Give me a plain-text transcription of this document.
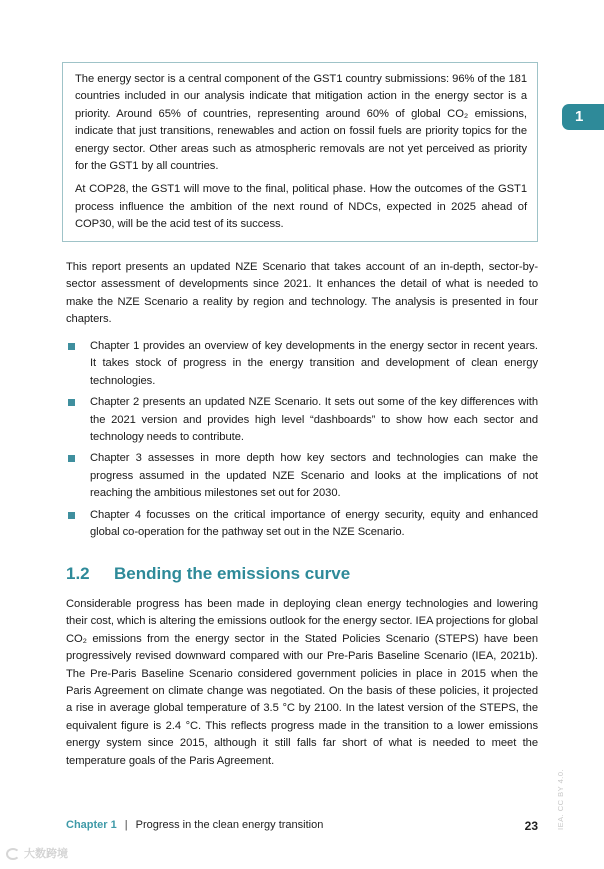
The energy sector is a central component of the GST1 country submissions: 96% of the 181 countries included in our analysis indicate that mitigation action in the energy sector is a priority. Around 65% of countries, representing around 60% of global CO₂ emissions, indicate that just transitions, renewables and action on fossil fuels are priority topics for the energy sector. Other areas such as atmospheric removals are not yet perceived as priority for the GST1 by all countries.

At COP28, the GST1 will move to the final, political phase. How the outcomes of the GST1 process influence the ambition of the next round of NDCs, expected in 2025 ahead of COP30, will be the acid test of its success.

1

This report presents an updated NZE Scenario that takes account of an in-depth, sector-by-sector assessment of developments since 2021. It enhances the detail of what is needed to make the NZE Scenario a reality by region and technology. The analysis is presented in four chapters.

Chapter 1 provides an overview of key developments in the energy sector in recent years. It takes stock of progress in the energy transition and development of clean energy technologies.
Chapter 2 presents an updated NZE Scenario. It sets out some of the key differences with the 2021 version and provides high level “dashboards” to show how each sector and technology needs to contribute.
Chapter 3 assesses in more depth how key sectors and technologies can make the progress assumed in the updated NZE Scenario and looks at the implications of not reaching the ambitious milestones set out for 2030.
Chapter 4 focusses on the critical importance of energy security, equity and enhanced global co-operation for the pathway set out in the NZE Scenario.
1.2 Bending the emissions curve

Considerable progress has been made in deploying clean energy technologies and lowering their cost, which is altering the emissions outlook for the energy sector. IEA projections for global CO₂ emissions from the energy sector in the Stated Policies Scenario (STEPS) have been progressively revised downward compared with our Pre-Paris Baseline Scenario (IEA, 2021b). The Pre-Paris Baseline Scenario considered government policies in place in 2015 when the Paris Agreement on climate change was negotiated. On the basis of these policies, it projected a rise in average global temperature of 3.5 °C by 2100. In the latest version of the STEPS, the equivalent figure is 2.4 °C. This reflects progress made in the transition to a lower emissions energy system since 2015, although it still falls far short of what is needed to meet the temperature goals of the Paris Agreement.

Chapter 1 | Progress in the clean energy transition	23 IEA. CC BY 4.0.
大数跨境
